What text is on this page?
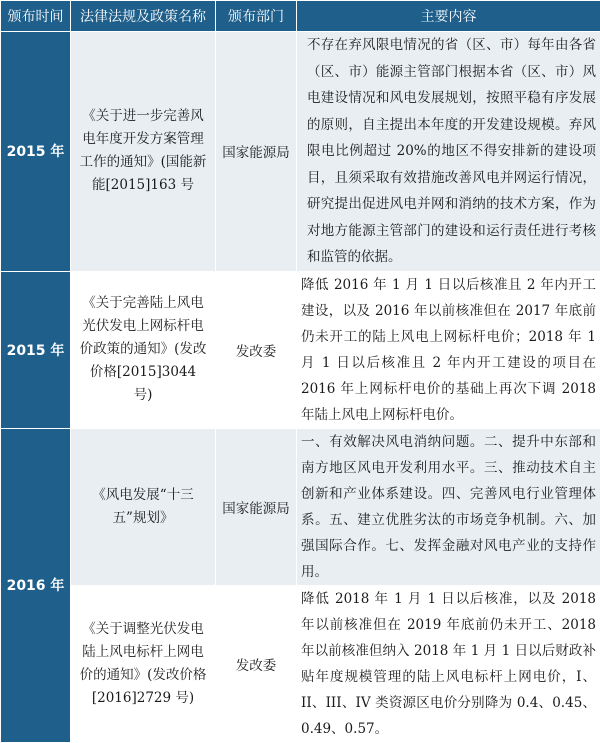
颁布时间	法律法规及政策名称	颁布部门	主要内容
2015 年	《关于进一步完善风电年度开发方案管理工作的通知》(国能新能[2015]163 号	国家能源局	不存在弃风限电情况的省（区、市）每年由各省（区、市）能源主管部门根据本省（区、市）风电建设情况和风电发展规划，按照平稳有序发展的原则，自主提出本年度的开发建设规模。弃风限电比例超过 20%的地区不得安排新的建设项目，且须采取有效措施改善风电并网运行情况，研究提出促进风电并网和消纳的技术方案，作为对地方能源主管部门的建设和运行责任进行考核和监管的依据。
2015 年	《关于完善陆上风电光伏发电上网标杆电价政策的通知》(发改价格[2015]3044 号)	发改委	降低 2016 年 1 月 1 日以后核准且 2 年内开工建设，以及 2016 年以前核准但在 2017 年底前仍未开工的陆上风电上网标杆电价；2018 年 1 月 1 日以后核准且 2 年内开工建设的项目在 2016 年上网标杆电价的基础上再次下调 2018 年陆上风电上网标杆电价。
2016 年	《风电发展“十三五”规划》	国家能源局	一、有效解决风电消纳问题。二、提升中东部和南方地区风电开发利用水平。三、推动技术自主创新和产业体系建设。四、完善风电行业管理体系。五、建立优胜劣汰的市场竞争机制。六、加强国际合作。七、发挥金融对风电产业的支持作用。
	《关于调整光伏发电陆上风电标杆上网电价的通知》(发改价格[2016]2729 号)	发改委	降低 2018 年 1 月 1 日以后核准，以及 2018 年以前核准但在 2019 年底前仍未开工、2018 年以前核准但纳入 2018 年 1 月 1 日以后财政补贴年度规模管理的陆上风电标杆上网电价，I、II、III、IV 类资源区电价分别降为 0.4、0.45、0.49、0.57。
